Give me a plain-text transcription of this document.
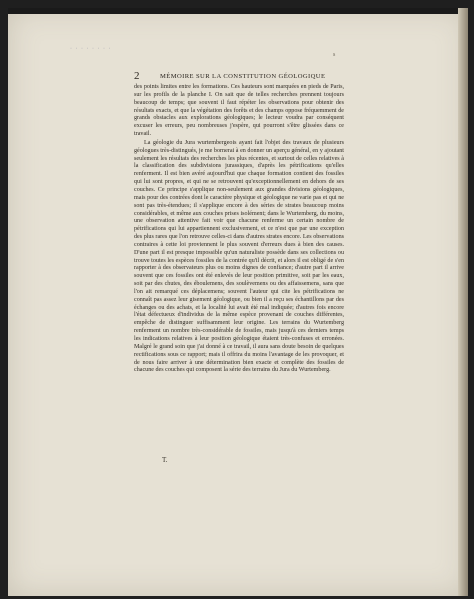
· · · · · · · ·
s
2	MÉMOIRE SUR LA CONSTITUTION GÉOLOGIQUE

des points limites entre les formations. Ces hauteurs sont marquées en pieds de Paris, sur les profils de la planche I. On sait que de telles recherches prennent toujours beaucoup de temps; que souvent il faut répéter les observations pour obtenir des résultats exacts, et que la végétation des forêts et des champs oppose fréquemment de grands obstacles aux explorations géologiques; le lecteur voudra par conséquent excuser les erreurs, peu nombreuses j'espère, qui pourront s'être glissées dans ce travail.

La géologie du Jura wurtembergeois ayant fait l'objet des travaux de plusieurs géologues très-distingués, je me bornerai à en donner un aperçu général, en y ajoutant seulement les résultats des recherches les plus récentes, et surtout de celles relatives à la classification des subdivisions jurassiques, d'après les pétrifications qu'elles renferment. Il est bien avéré aujourd'hui que chaque formation contient des fossiles qui lui sont propres, et qui ne se retrouvent qu'exceptionnellement en dehors de ses couches. Ce principe s'applique non-seulement aux grandes divisions géologiques, mais pour des contrées dont le caractère physique et géologique ne varie pas et qui ne sont pas très-étendues; il s'applique encore à des séries de strates beaucoup moins considérables, et même aux couches prises isolément; dans le Wurtemberg, du moins, une observation attentive fait voir que chacune renferme un certain nombre de pétrifications qui lui appartiennent exclusivement, et ce n'est que par une exception des plus rares que l'on retrouve celles-ci dans d'autres strates encore. Les observations contraires à cette loi proviennent le plus souvent d'erreurs dues à bien des causes. D'une part il est presque impossible qu'un naturaliste possède dans ses collections ou trouve toutes les espèces fossiles de la contrée qu'il décrit, et alors il est obligé de s'en rapporter à des observateurs plus ou moins dignes de confiance; d'autre part il arrive souvent que ces fossiles ont été enlevés de leur position primitive, soit par les eaux, soit par des chutes, des éboulemens, des soulèvemens ou des affaissemens, sans que l'on ait remarqué ces déplacemens; souvent l'auteur qui cite les pétrifications ne connaît pas assez leur gisement géologique, ou bien il a reçu ses échantillons par des échanges ou des achats, et la localité lui avait été mal indiquée; d'autres fois encore l'état défectueux d'individus de la même espèce provenant de couches différentes, empêche de distinguer suffisamment leur origine. Les terrains du Wurtemberg renferment un nombre très-considérable de fossiles, mais jusqu'à ces derniers temps les indications relatives à leur position géologique étaient très-confuses et erronées. Malgré le grand soin que j'ai donné à ce travail, il aura sans doute besoin de quelques rectifications sous ce rapport; mais il offrira du moins l'avantage de les provoquer, et de nous faire arriver à une détermination bien exacte et complète des fossiles de chacune des couches qui composent la série des terrains du Jura du Wurtemberg.

T.
